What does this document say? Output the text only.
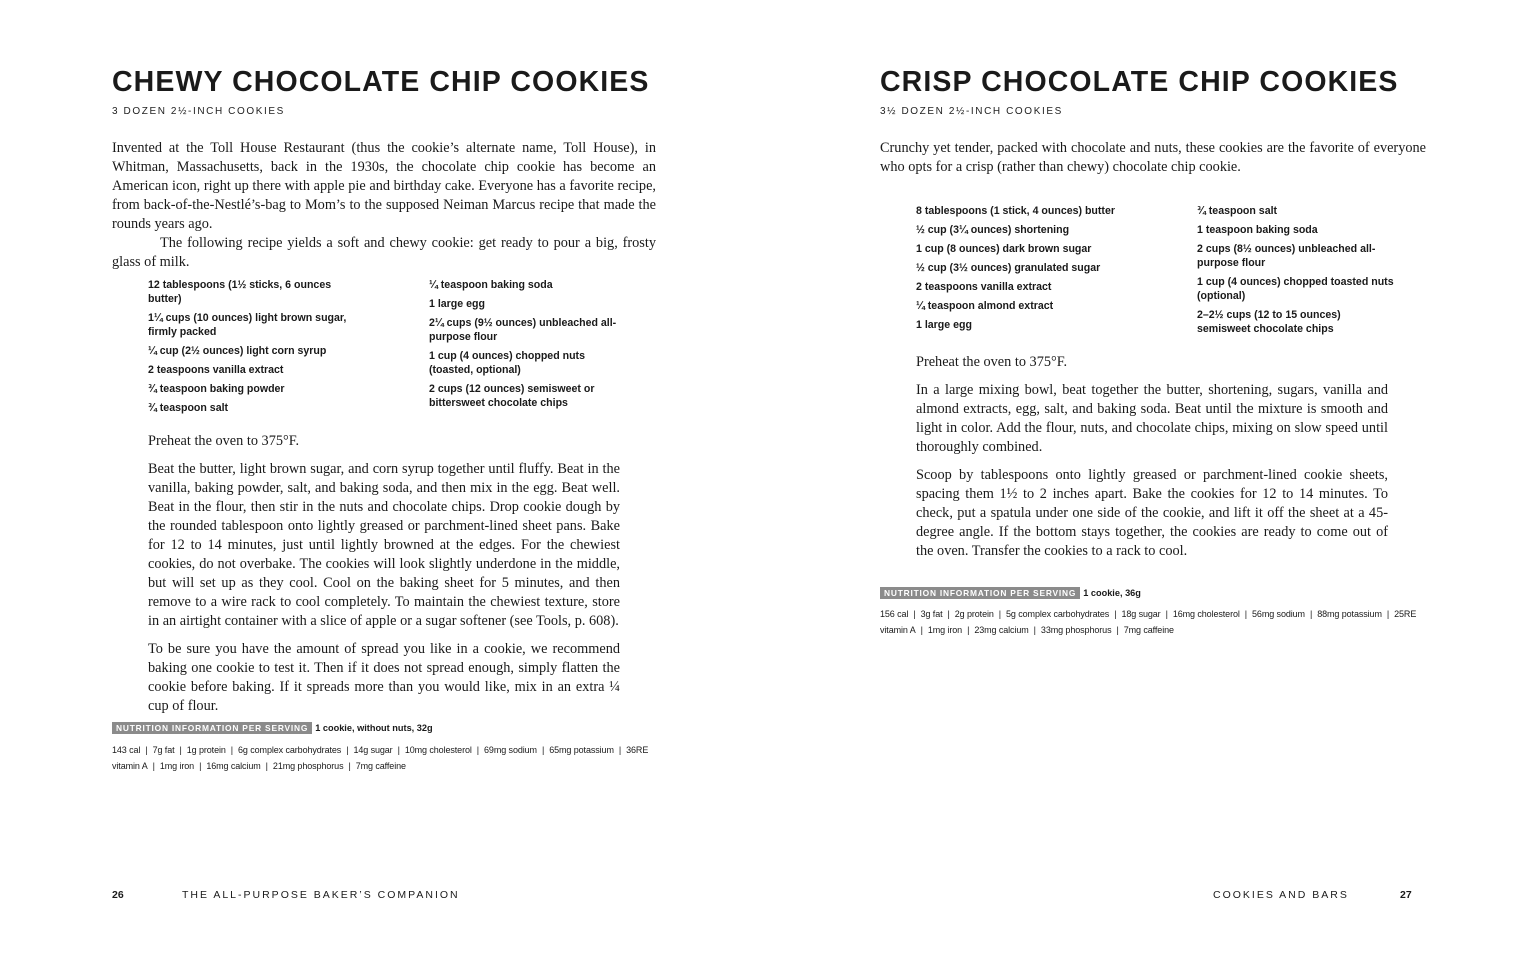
CHEWY CHOCOLATE CHIP COOKIES
3 DOZEN 2½-INCH COOKIES
Invented at the Toll House Restaurant (thus the cookie’s alternate name, Toll House), in Whitman, Massachusetts, back in the 1930s, the chocolate chip cookie has become an American icon, right up there with apple pie and birthday cake. Everyone has a favorite recipe, from back-of-the-Nestlé’s-bag to Mom’s to the supposed Neiman Marcus recipe that made the rounds years ago.
The following recipe yields a soft and chewy cookie: get ready to pour a big, frosty glass of milk.
12 tablespoons (1½ sticks, 6 ounces butter)
1¼ cups (10 ounces) light brown sugar, firmly packed
¼ cup (2½ ounces) light corn syrup
2 teaspoons vanilla extract
¾ teaspoon baking powder
¾ teaspoon salt
¼ teaspoon baking soda
1 large egg
2¼ cups (9½ ounces) unbleached all-purpose flour
1 cup (4 ounces) chopped nuts (toasted, optional)
2 cups (12 ounces) semisweet or bittersweet chocolate chips

Preheat the oven to 375°F.

Beat the butter, light brown sugar, and corn syrup together until fluffy. Beat in the vanilla, baking powder, salt, and baking soda, and then mix in the egg. Beat well. Beat in the flour, then stir in the nuts and chocolate chips. Drop cookie dough by the rounded tablespoon onto lightly greased or parchment-lined sheet pans. Bake for 12 to 14 minutes, just until lightly browned at the edges. For the chewiest cookies, do not overbake. The cookies will look slightly underdone in the middle, but will set up as they cool. Cool on the baking sheet for 5 minutes, and then remove to a wire rack to cool completely. To maintain the chewiest texture, store in an airtight container with a slice of apple or a sugar softener (see Tools, p. 608).

To be sure you have the amount of spread you like in a cookie, we recommend baking one cookie to test it. Then if it does not spread enough, simply flatten the cookie before baking. If it spreads more than you would like, mix in an extra ¼ cup of flour.

NUTRITION INFORMATION PER SERVING 1 cookie, without nuts, 32g
143 cal | 7g fat | 1g protein | 6g complex carbohydrates | 14g sugar | 10mg cholesterol | 69mg sodium | 65mg potassium | 36RE
vitamin A | 1mg iron | 16mg calcium | 21mg phosphorus | 7mg caffeine
26	THE ALL-PURPOSE BAKER’S COMPANION
CRISP CHOCOLATE CHIP COOKIES
3½ DOZEN 2½-INCH COOKIES
Crunchy yet tender, packed with chocolate and nuts, these cookies are the favorite of everyone who opts for a crisp (rather than chewy) chocolate chip cookie.
8 tablespoons (1 stick, 4 ounces) butter
½ cup (3¼ ounces) shortening
1 cup (8 ounces) dark brown sugar
½ cup (3½ ounces) granulated sugar
2 teaspoons vanilla extract
¼ teaspoon almond extract
1 large egg
¾ teaspoon salt
1 teaspoon baking soda
2 cups (8½ ounces) unbleached all-purpose flour
1 cup (4 ounces) chopped toasted nuts (optional)
2–2½ cups (12 to 15 ounces) semisweet chocolate chips

Preheat the oven to 375°F.

In a large mixing bowl, beat together the butter, shortening, sugars, vanilla and almond extracts, egg, salt, and baking soda. Beat until the mixture is smooth and light in color. Add the flour, nuts, and chocolate chips, mixing on slow speed until thoroughly combined.

Scoop by tablespoons onto lightly greased or parchment-lined cookie sheets, spacing them 1½ to 2 inches apart. Bake the cookies for 12 to 14 minutes. To check, put a spatula under one side of the cookie, and lift it off the sheet at a 45-degree angle. If the bottom stays together, the cookies are ready to come out of the oven. Transfer the cookies to a rack to cool.

NUTRITION INFORMATION PER SERVING 1 cookie, 36g
156 cal | 3g fat | 2g protein | 5g complex carbohydrates | 18g sugar | 16mg cholesterol | 56mg sodium | 88mg potassium | 25RE
vitamin A | 1mg iron | 23mg calcium | 33mg phosphorus | 7mg caffeine
COOKIES AND BARS	27
